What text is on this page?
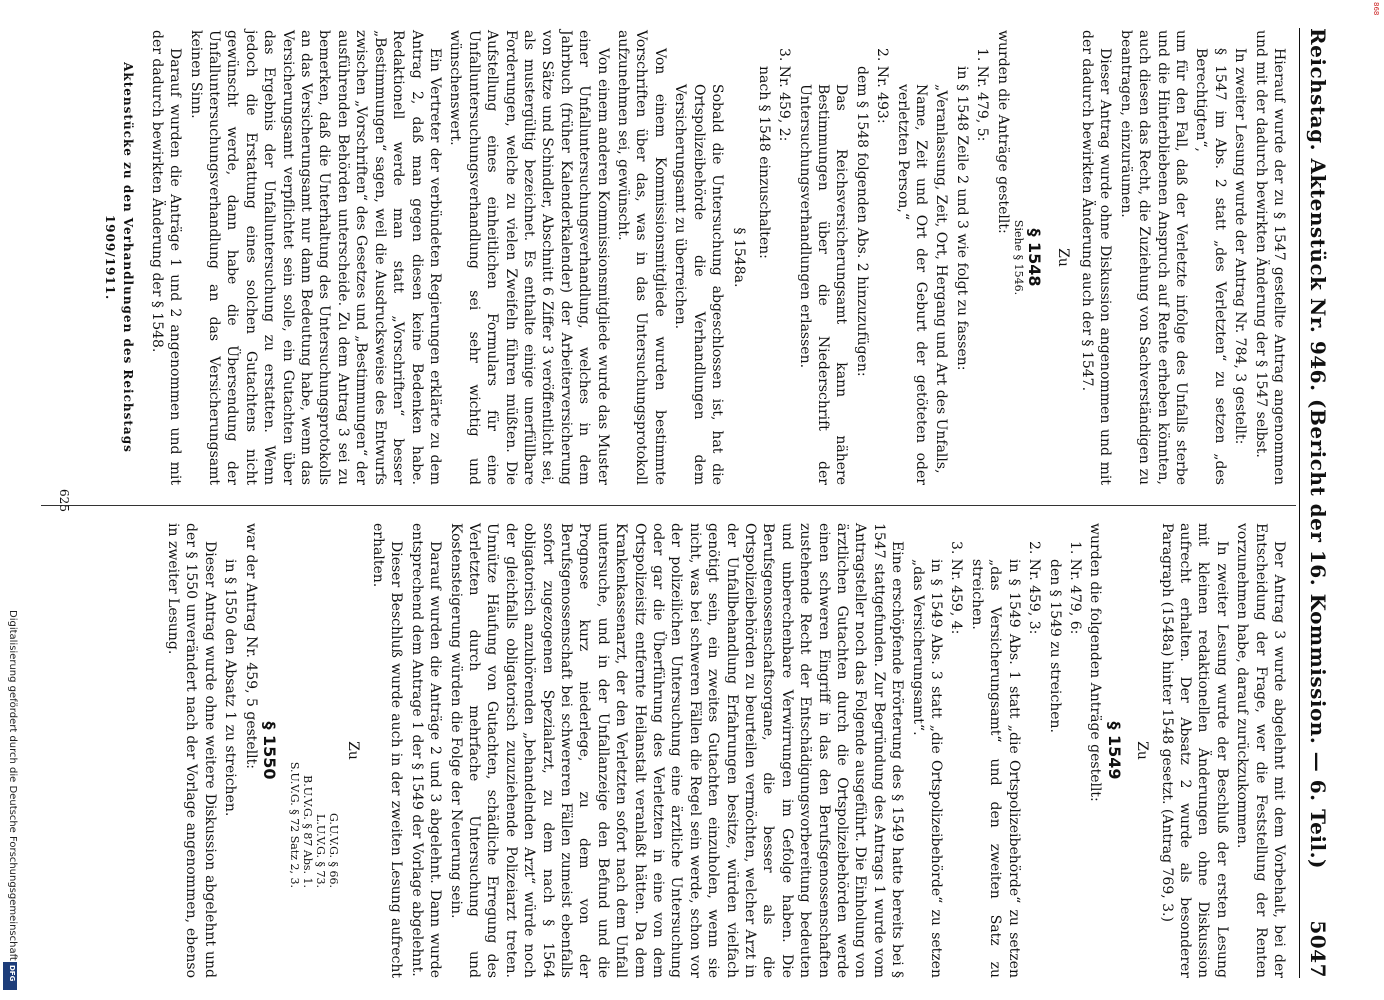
868
Digitalisierung gefördert durch die Deutsche Forschungsgemeinschaft
DFG
Reichstag. Aktenstück Nr. 946. (Bericht der 16. Kommission. — 6. Teil.)
5047

Hierauf wurde der zu § 1547 gestellte Antrag angenommen und mit der dadurch bewirkten Änderung der § 1547 selbst.

In zweiter Lesung wurde der Antrag Nr. 784, 3 gestellt:

§ 1547 im Abs. 2 statt „des Verletzten“ zu setzen „des Berechtigten“,

um für den Fall, daß der Verletzte infolge des Unfalls sterbe und die Hinterbliebenen Anspruch auf Rente erheben könnten, auch diesen das Recht, die Zuziehung von Sachverständigen zu beantragen, einzuräumen.

Dieser Antrag wurde ohne Diskussion angenommen und mit der dadurch bewirkten Änderung auch der § 1547.

Zu

§ 1548

Siehe § 1546.

wurden die Anträge gestellt:

1. Nr. 479, 5:

in § 1548 Zeile 2 und 3 wie folgt zu fassen:

„Veranlassung, Zeit, Ort, Hergang und Art des Unfalls,

Name, Zeit und Ort der Geburt der getöteten oder verletzten Person,“

2. Nr. 493:

dem § 1548 folgenden Abs. 2 hinzuzufügen:

Das Reichsversicherungsamt kann nähere Bestimmungen über die Niederschrift der Untersuchungsverhandlungen erlassen.

3. Nr. 459, 2:

nach § 1548 einzuschalten:

§ 1548a.

Sobald die Untersuchung abgeschlossen ist, hat die Ortspolizeibehörde die Verhandlungen dem Versicherungsamt zu überreichen.

Von einem Kommissionsmitgliede wurden bestimmte Vorschriften über das, was in das Untersuchungsprotokoll aufzunehmen sei, gewünscht.

Von einem anderen Kommissionsmitgliede wurde das Muster einer Unfalluntersuchungsverhandlung, welches in dem Jahrbuch (früher Kalenderkalender) der Arbeiterversicherung von Sätze und Schindler, Abschnitt 6 Ziffer 3 veröffentlicht sei, als mustergültig bezeichnet. Es enthalte einige unerfüllbare Forderungen, welche zu vielen Zweifeln führen müßten. Die Aufstellung eines einheitlichen Formulars für eine Unfalluntersuchungsverhandlung sei sehr wichtig und wünschenswert.

Ein Vertreter der verbündeten Regierungen erklärte zu dem Antrag 2, daß man gegen diesen keine Bedenken habe. Redaktionell werde man statt „Vorschriften“ besser „Bestimmungen“ sagen, weil die Ausdrucksweise des Entwurfs zwischen „Vorschriften“ des Gesetzes und „Bestimmungen“ der ausführenden Behörden unterscheide. Zu dem Antrag 3 sei zu bemerken, daß die Unterhaltung des Untersuchungsprotokolls an das Versicherungsamt nur dann Bedeutung habe, wenn das Versicherungsamt verpflichtet sein solle, ein Gutachten über das Ergebnis der Unfalluntersuchung zu erstatten. Wenn jedoch die Erstattung eines solchen Gutachtens nicht gewünscht werde, dann habe die Übersendung der Unfalluntersuchungsverhandlung an das Versicherungsamt keinen Sinn.

Darauf wurden die Anträge 1 und 2 angenommen und mit der dadurch bewirkten Änderung der § 1548.

Aktenstücke zu den Verhandlungen des Reichstags 1909/1911.

Der Antrag 3 wurde abgelehnt mit dem Vorbehalt, bei der Entscheidung der Frage, wer die Feststellung der Renten vorzunehmen habe, darauf zurückzukommen.

In zweiter Lesung wurde der Beschluß der ersten Lesung mit kleinen redaktionellen Änderungen ohne Diskussion aufrecht erhalten. Der Absatz 2 wurde als besonderer Paragraph (1548a) hinter 1548 gesetzt. (Antrag 769, 3.)

Zu

§ 1549

wurden die folgenden Anträge gestellt:

1. Nr. 479, 6:

den § 1549 zu streichen.

2. Nr. 459, 3:

in § 1549 Abs. 1 statt „die Ortspolizeibehörde“ zu setzen „das Versicherungsamt“ und den zweiten Satz zu streichen.

3. Nr. 459, 4:

in § 1549 Abs. 3 statt „die Ortspolizeibehörde“ zu setzen „das Versicherungsamt“.

Eine erschöpfende Erörterung des § 1549 hatte bereits bei § 1547 stattgefunden. Zur Begründung des Antrags 1 wurde vom Antragsteller noch das Folgende ausgeführt. Die Einholung von ärztlichen Gutachten durch die Ortspolizeibehörden werde einen schweren Eingriff in das den Berufsgenossenschaften zustehende Recht der Entschädigungsvorbereitung bedeuten und unberechenbare Verwirrungen im Gefolge haben. Die Berufsgenossenschaftsorgane, die besser als die Ortspolizeibehörden zu beurteilen vermöchten, welcher Arzt in der Unfallbehandlung Erfahrungen besitze, würden vielfach genötigt sein, ein zweites Gutachten einzuholen, wenn sie nicht, was bei schweren Fällen die Regel sein werde, schon vor der polizeilichen Untersuchung eine ärztliche Untersuchung oder gar die Überführung des Verletzten in eine von dem Ortspolizeisitz entfernte Heilanstalt veranlaßt hätten. Da dem Krankenkassenarzt, der den Verletzten sofort nach dem Unfall untersuche, und in der Unfallanzeige den Befund und die Prognose kurz niederlege, zu dem von der Berufsgenossenschaft bei schwereren Fällen zumeist ebenfalls sofort zugezogenen Spezialarzt, zu dem nach § 1564 obligatorisch anzuhörenden „behandelnden Arzt“ würde noch der gleichfalls obligatorisch zuzuziehende Polizeiarzt treten. Unnütze Häufung von Gutachten, schädliche Erregung des Verletzten durch mehrfache Untersuchung und Kostensteigerung würden die Folge der Neuerung sein.

Darauf wurden die Anträge 2 und 3 abgelehnt. Dann wurde entsprechend dem Antrage 1 der § 1549 der Vorlage abgelehnt.

Dieser Beschluß wurde auch in der zweiten Lesung aufrecht erhalten.

Zu

G.U.V.G. § 66.

L.U.V.G. § 73.

B.U.V.G. § 87 Abs. 1.

S.U.V.G. § 72 Satz 2, 3.

§ 1550

war der Antrag Nr. 459, 5 gestellt:

in § 1550 den Absatz 1 zu streichen.

Dieser Antrag wurde ohne weitere Diskussion abgelehnt und der § 1550 unverändert nach der Vorlage angenommen, ebenso in zweiter Lesung.

625
